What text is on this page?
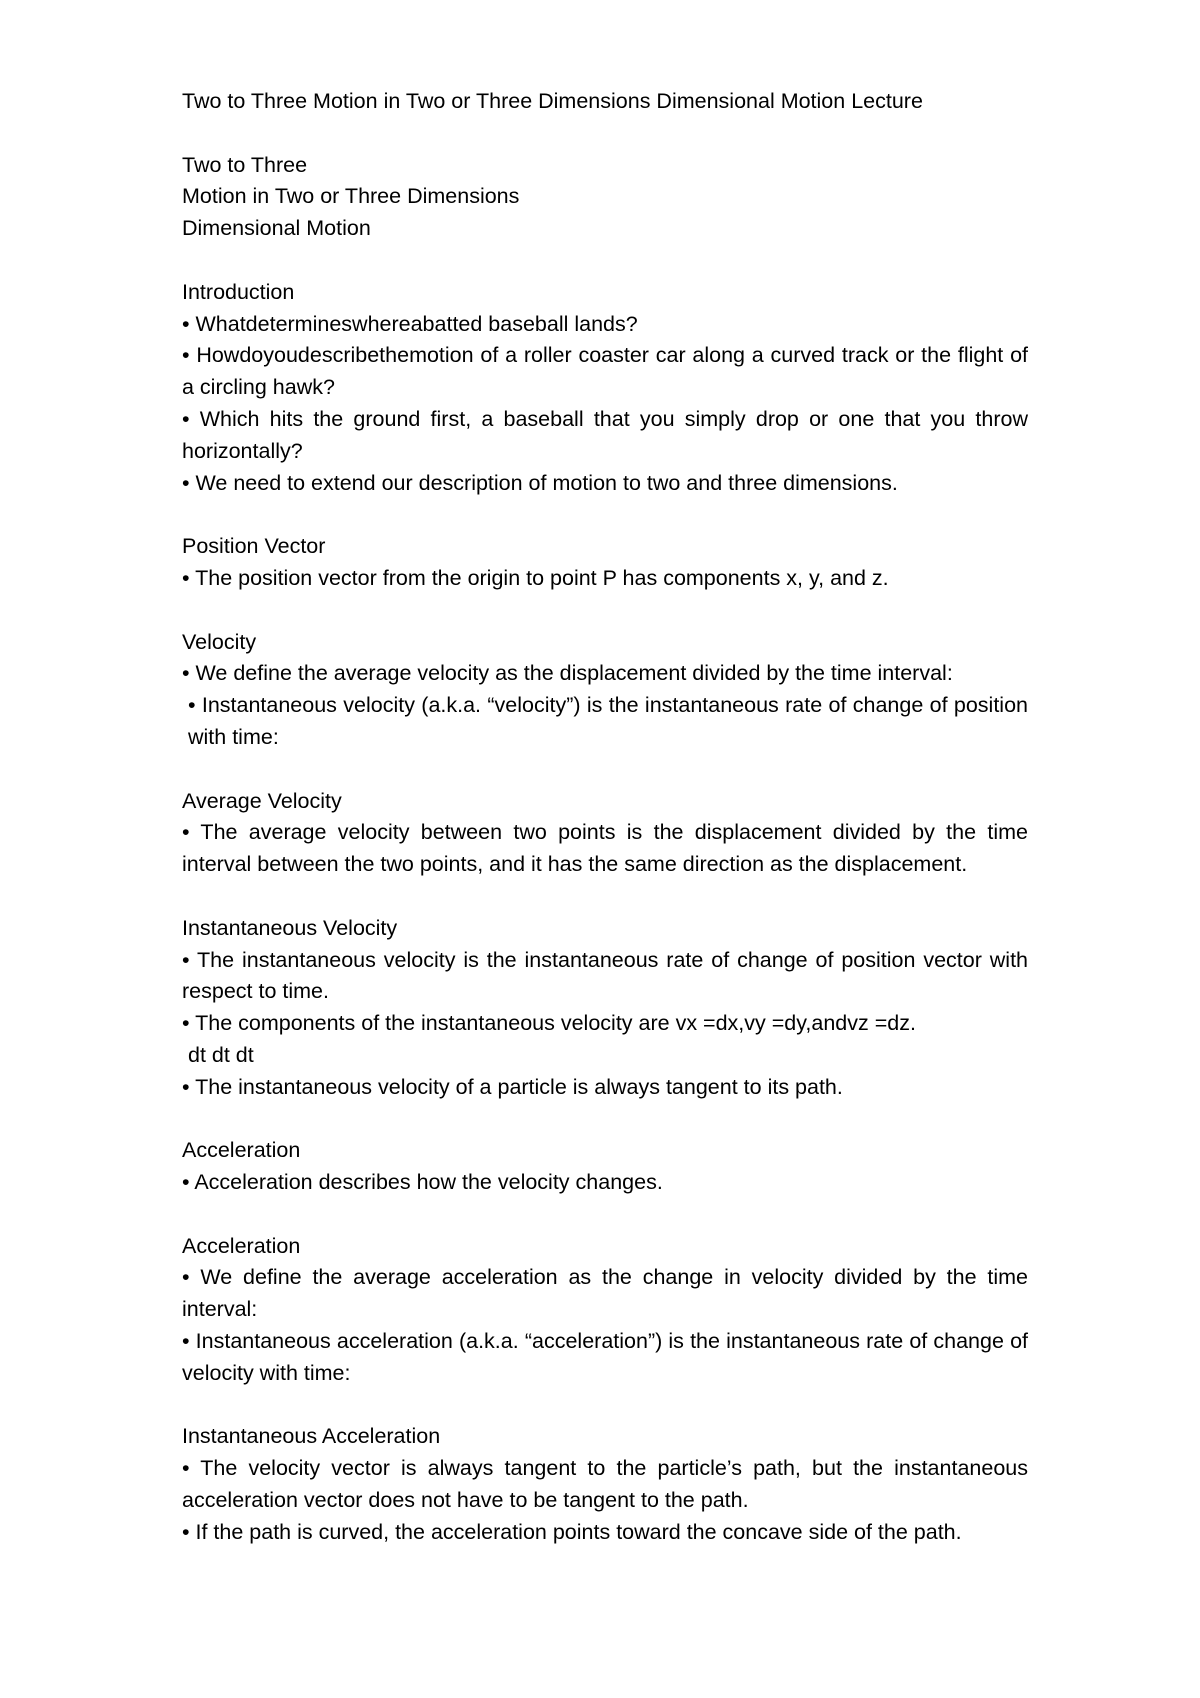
Two to Three Motion in Two or Three Dimensions Dimensional Motion Lecture

Two to Three

Motion in Two or Three Dimensions

Dimensional Motion

Introduction

• Whatdetermineswhereabatted baseball lands?

• Howdoyoudescribethemotion of a roller coaster car along a curved track or the flight of a circling hawk?

• Which hits the ground first, a baseball that you simply drop or one that you throw horizontally?

• We need to extend our description of motion to two and three dimensions.

Position Vector

• The position vector from the origin to point P has components x, y, and z.

Velocity

• We define the average velocity as the displacement divided by the time interval:

• Instantaneous velocity (a.k.a. “velocity”) is the instantaneous rate of change of position with time:

Average Velocity

• The average velocity between two points is the displacement divided by the time interval between the two points, and it has the same direction as the displacement.

Instantaneous Velocity

• The instantaneous velocity is the instantaneous rate of change of position vector with respect to time.

• The components of the instantaneous velocity are vx =dx,vy =dy,andvz =dz.

dt dt dt

• The instantaneous velocity of a particle is always tangent to its path.

Acceleration

• Acceleration describes how the velocity changes.

Acceleration

• We define the average acceleration as the change in velocity divided by the time interval:

• Instantaneous acceleration (a.k.a. “acceleration”) is the instantaneous rate of change of velocity with time:

Instantaneous Acceleration

• The velocity vector is always tangent to the particle’s path, but the instantaneous acceleration vector does not have to be tangent to the path.

• If the path is curved, the acceleration points toward the concave side of the path.
